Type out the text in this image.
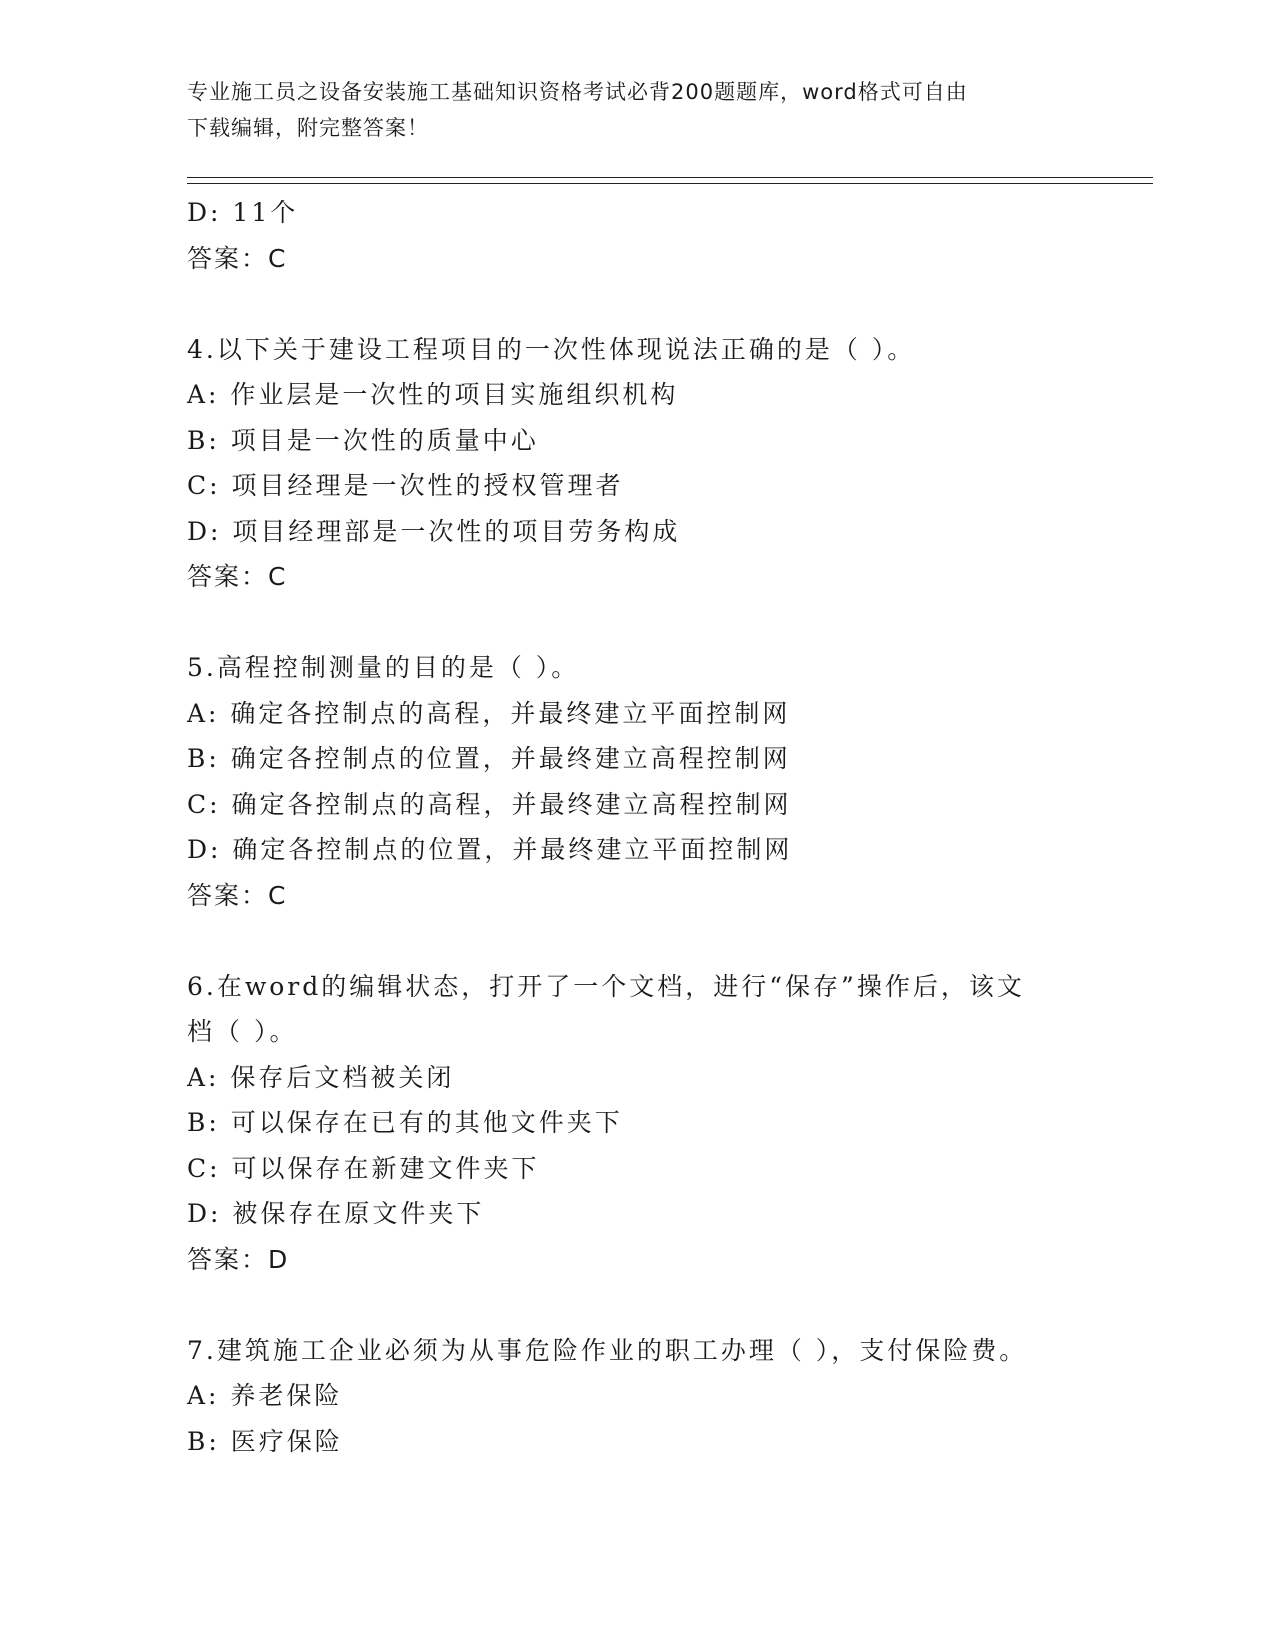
专业施工员之设备安装施工基础知识资格考试必背200题题库，word格式可自由
下载编辑，附完整答案！
D: 11个
答案：C
4.以下关于建设工程项目的一次性体现说法正确的是（ ）。
A: 作业层是一次性的项目实施组织机构
B: 项目是一次性的质量中心
C: 项目经理是一次性的授权管理者
D: 项目经理部是一次性的项目劳务构成
答案：C
5.高程控制测量的目的是（ ）。
A: 确定各控制点的高程，并最终建立平面控制网
B: 确定各控制点的位置，并最终建立高程控制网
C: 确定各控制点的高程，并最终建立高程控制网
D: 确定各控制点的位置，并最终建立平面控制网
答案：C
6.在word的编辑状态，打开了一个文档，进行“保存”操作后，该文
档（ ）。
A: 保存后文档被关闭
B: 可以保存在已有的其他文件夹下
C: 可以保存在新建文件夹下
D: 被保存在原文件夹下
答案：D
7.建筑施工企业必须为从事危险作业的职工办理（ ），支付保险费。
A: 养老保险
B: 医疗保险
